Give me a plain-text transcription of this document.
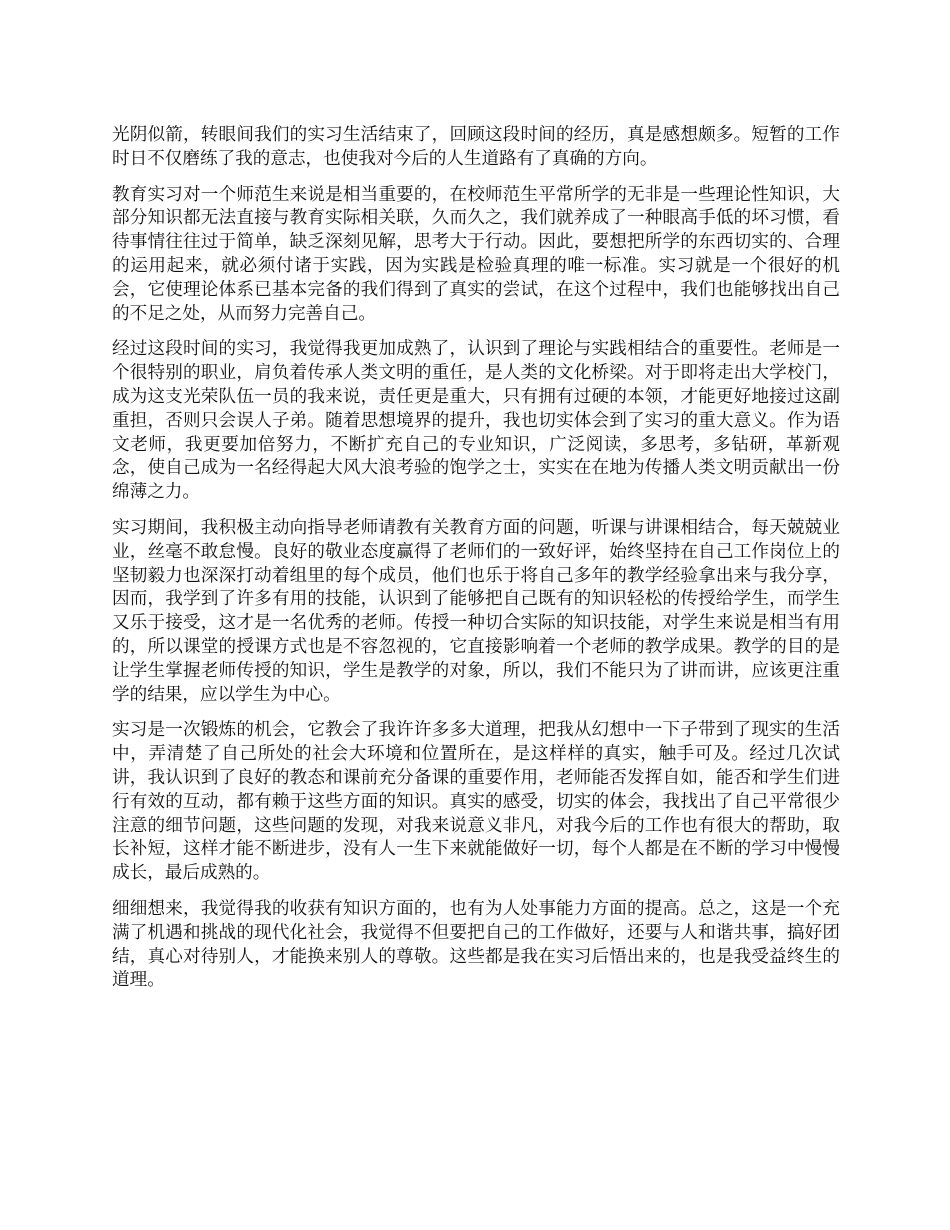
光阴似箭，转眼间我们的实习生活结束了，回顾这段时间的经历，真是感想颇多。短暂的工作时日不仅磨练了我的意志，也使我对今后的人生道路有了真确的方向。

教育实习对一个师范生来说是相当重要的，在校师范生平常所学的无非是一些理论性知识，大部分知识都无法直接与教育实际相关联，久而久之，我们就养成了一种眼高手低的坏习惯，看待事情往往过于简单，缺乏深刻见解，思考大于行动。因此，要想把所学的东西切实的、合理的运用起来，就必须付诸于实践，因为实践是检验真理的唯一标准。实习就是一个很好的机会，它使理论体系已基本完备的我们得到了真实的尝试，在这个过程中，我们也能够找出自己的不足之处，从而努力完善自己。

经过这段时间的实习，我觉得我更加成熟了，认识到了理论与实践相结合的重要性。老师是一个很特别的职业，肩负着传承人类文明的重任，是人类的文化桥梁。对于即将走出大学校门，成为这支光荣队伍一员的我来说，责任更是重大，只有拥有过硬的本领，才能更好地接过这副重担，否则只会误人子弟。随着思想境界的提升，我也切实体会到了实习的重大意义。作为语文老师，我更要加倍努力，不断扩充自己的专业知识，广泛阅读，多思考，多钻研，革新观念，使自己成为一名经得起大风大浪考验的饱学之士，实实在在地为传播人类文明贡献出一份绵薄之力。

实习期间，我积极主动向指导老师请教有关教育方面的问题，听课与讲课相结合，每天兢兢业业，丝毫不敢怠慢。良好的敬业态度赢得了老师们的一致好评，始终坚持在自己工作岗位上的坚韧毅力也深深打动着组里的每个成员，他们也乐于将自己多年的教学经验拿出来与我分享，因而，我学到了许多有用的技能，认识到了能够把自己既有的知识轻松的传授给学生，而学生又乐于接受，这才是一名优秀的老师。传授一种切合实际的知识技能，对学生来说是相当有用的，所以课堂的授课方式也是不容忽视的，它直接影响着一个老师的教学成果。教学的目的是让学生掌握老师传授的知识，学生是教学的对象，所以，我们不能只为了讲而讲，应该更注重学的结果，应以学生为中心。

实习是一次锻炼的机会，它教会了我许许多多大道理，把我从幻想中一下子带到了现实的生活中，弄清楚了自己所处的社会大环境和位置所在，是这样样的真实，触手可及。经过几次试讲，我认识到了良好的教态和课前充分备课的重要作用，老师能否发挥自如，能否和学生们进行有效的互动，都有赖于这些方面的知识。真实的感受，切实的体会，我找出了自己平常很少注意的细节问题，这些问题的发现，对我来说意义非凡，对我今后的工作也有很大的帮助，取长补短，这样才能不断进步，没有人一生下来就能做好一切，每个人都是在不断的学习中慢慢成长，最后成熟的。

细细想来，我觉得我的收获有知识方面的，也有为人处事能力方面的提高。总之，这是一个充满了机遇和挑战的现代化社会，我觉得不但要把自己的工作做好，还要与人和谐共事，搞好团结，真心对待别人，才能换来别人的尊敬。这些都是我在实习后悟出来的，也是我受益终生的道理。
